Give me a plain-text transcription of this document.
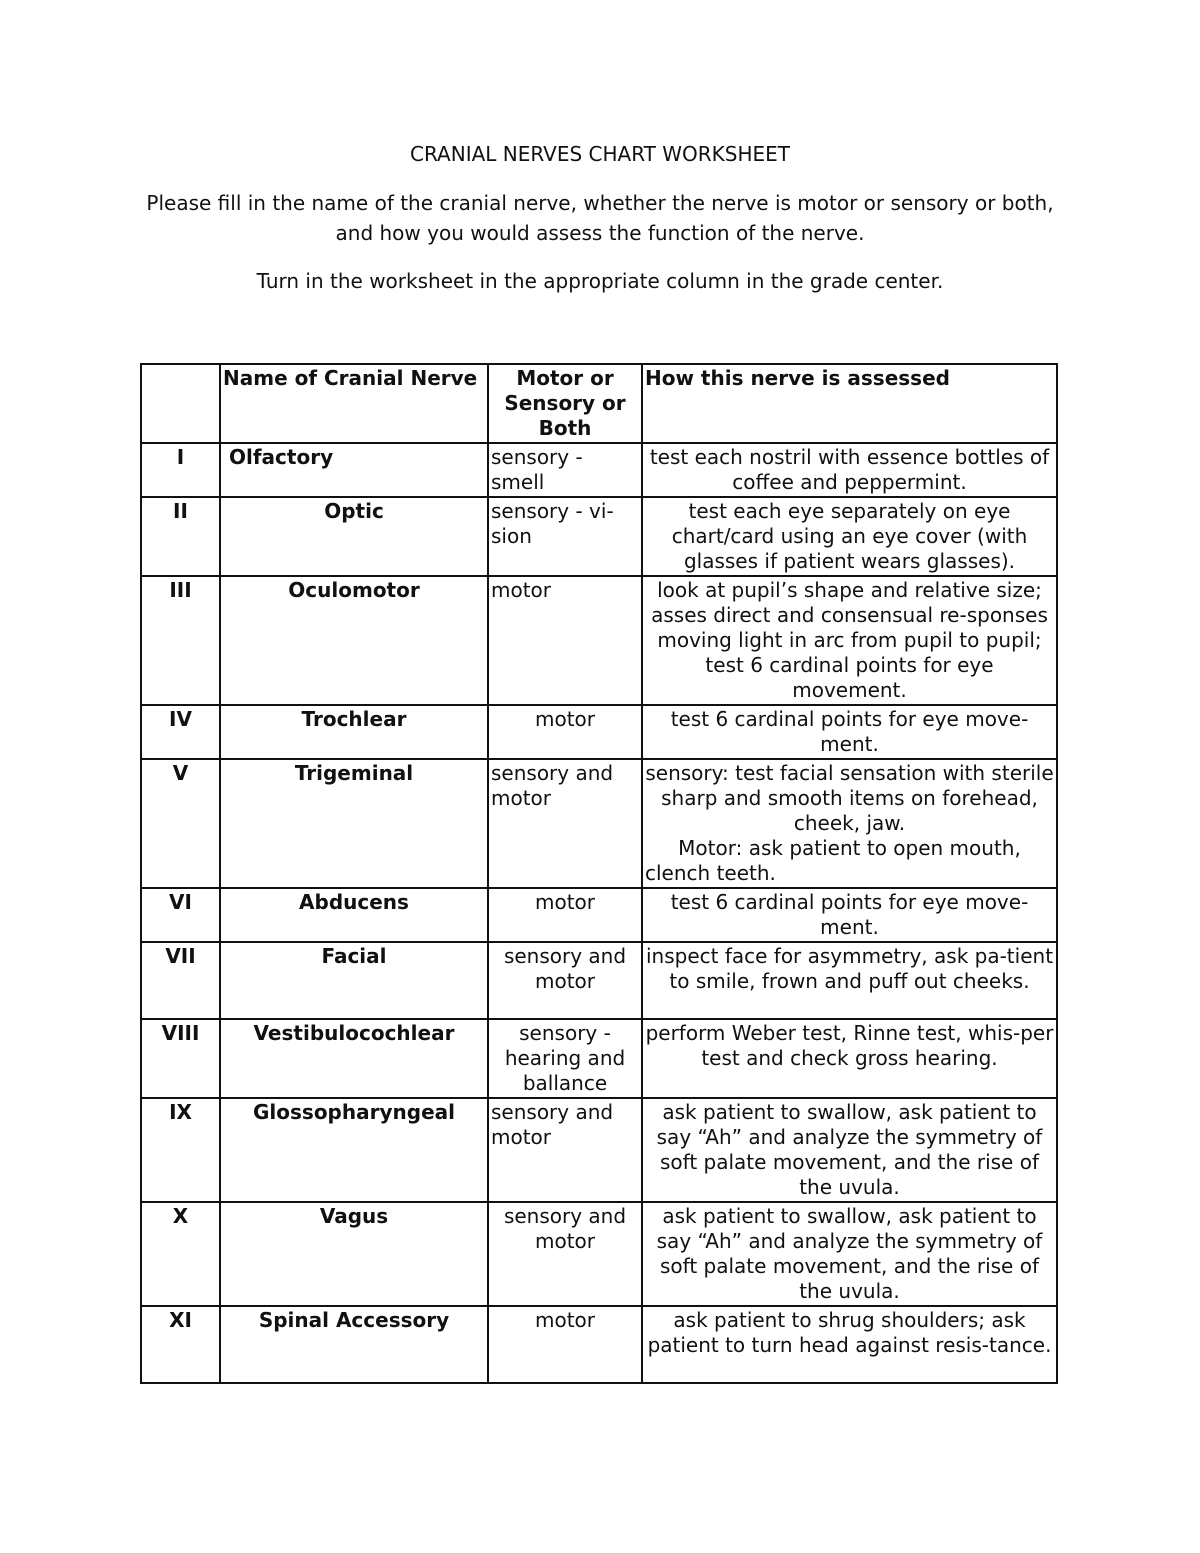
CRANIAL NERVES CHART WORKSHEET

Please fill in the name of the cranial nerve, whether the nerve is motor or sensory or both, and how you would assess the function of the nerve.

Turn in the worksheet in the appropriate column in the grade center.

	Name of Cranial Nerve	Motor or Sensory or Both	How this nerve is assessed
I	Olfactory	sensory - smell	test each nostril with essence bottles of coffee and peppermint.
II	Optic	sensory - vi-sion	test each eye separately on eye chart/card using an eye cover (with glasses if patient wears glasses).
III	Oculomotor	motor	look at pupil’s shape and relative size; asses direct and consensual re-sponses moving light in arc from pupil to pupil; test 6 cardinal points for eye movement.
IV	Trochlear	motor	test 6 cardinal points for eye move-ment.
V	Trigeminal	sensory and motor	sensory: test facial sensation with sterile sharp and smooth items on forehead, cheek, jaw.
Motor: ask patient to open mouth,
clench teeth.

VI	Abducens	motor	test 6 cardinal points for eye move-ment.
VII	Facial	sensory and motor	inspect face for asymmetry, ask pa-tient to smile, frown and puff out cheeks.
VIII	Vestibulocochlear	sensory -hearing and ballance	perform Weber test, Rinne test, whis-per test and check gross hearing.
IX	Glossopharyngeal	sensory and motor	ask patient to swallow, ask patient to say “Ah” and analyze the symmetry of soft palate movement, and the rise of the uvula.
X	Vagus	sensory and motor	ask patient to swallow, ask patient to say “Ah” and analyze the symmetry of soft palate movement, and the rise of the uvula.
XI	Spinal Accessory	motor	ask patient to shrug shoulders; ask patient to turn head against resis-tance.
